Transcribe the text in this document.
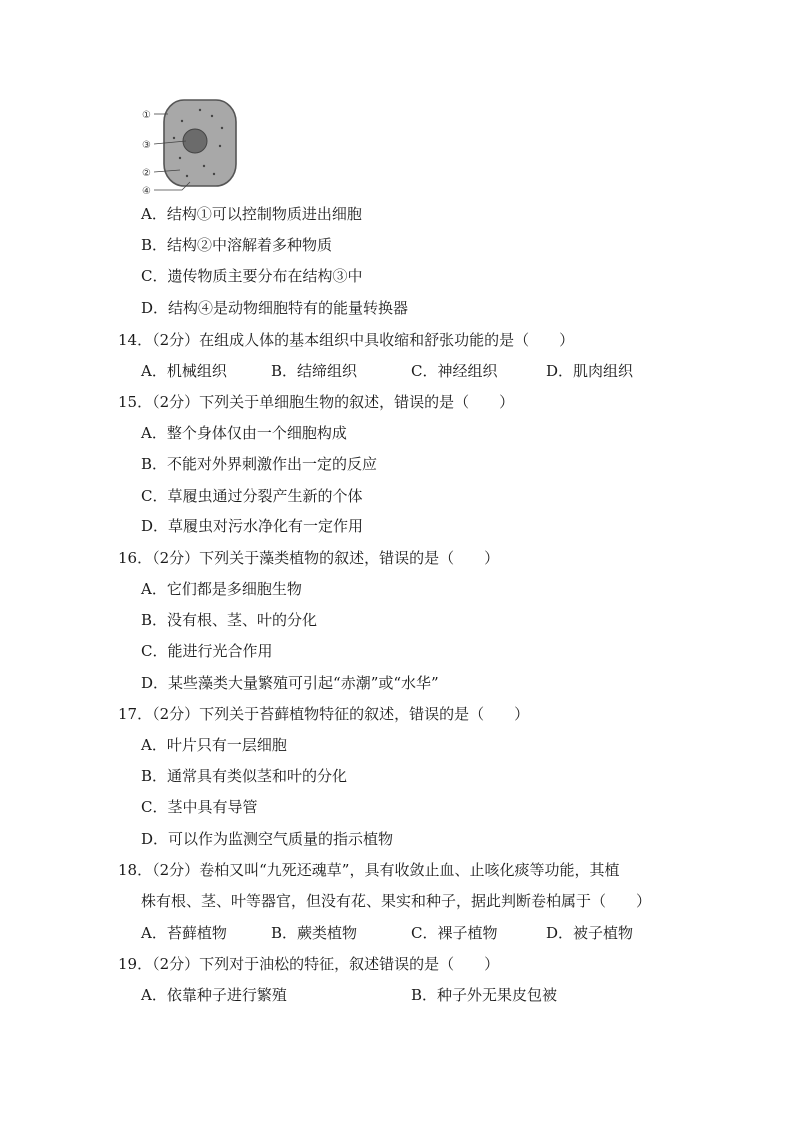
①
③
②
④
A．结构①可以控制物质进出细胞
B．结构②中溶解着多种物质
C．遗传物质主要分布在结构③中
D．结构④是动物细胞特有的能量转换器
14．（2分）在组成人体的基本组织中具收缩和舒张功能的是（　　）
A．机械组织	B．结缔组织	C．神经组织	D．肌肉组织
15．（2分）下列关于单细胞生物的叙述，错误的是（　　）
A．整个身体仅由一个细胞构成
B．不能对外界刺激作出一定的反应
C．草履虫通过分裂产生新的个体
D．草履虫对污水净化有一定作用
16．（2分）下列关于藻类植物的叙述，错误的是（　　）
A．它们都是多细胞生物
B．没有根、茎、叶的分化
C．能进行光合作用
D．某些藻类大量繁殖可引起“赤潮”或“水华”
17．（2分）下列关于苔藓植物特征的叙述，错误的是（　　）
A．叶片只有一层细胞
B．通常具有类似茎和叶的分化
C．茎中具有导管
D．可以作为监测空气质量的指示植物
18．（2分）卷柏又叫“九死还魂草”，具有收敛止血、止咳化痰等功能，其植
株有根、茎、叶等器官，但没有花、果实和种子，据此判断卷柏属于（　　）
A．苔藓植物	B．蕨类植物	C．裸子植物	D．被子植物
19．（2分）下列对于油松的特征，叙述错误的是（　　）
A．依靠种子进行繁殖	B．种子外无果皮包被
